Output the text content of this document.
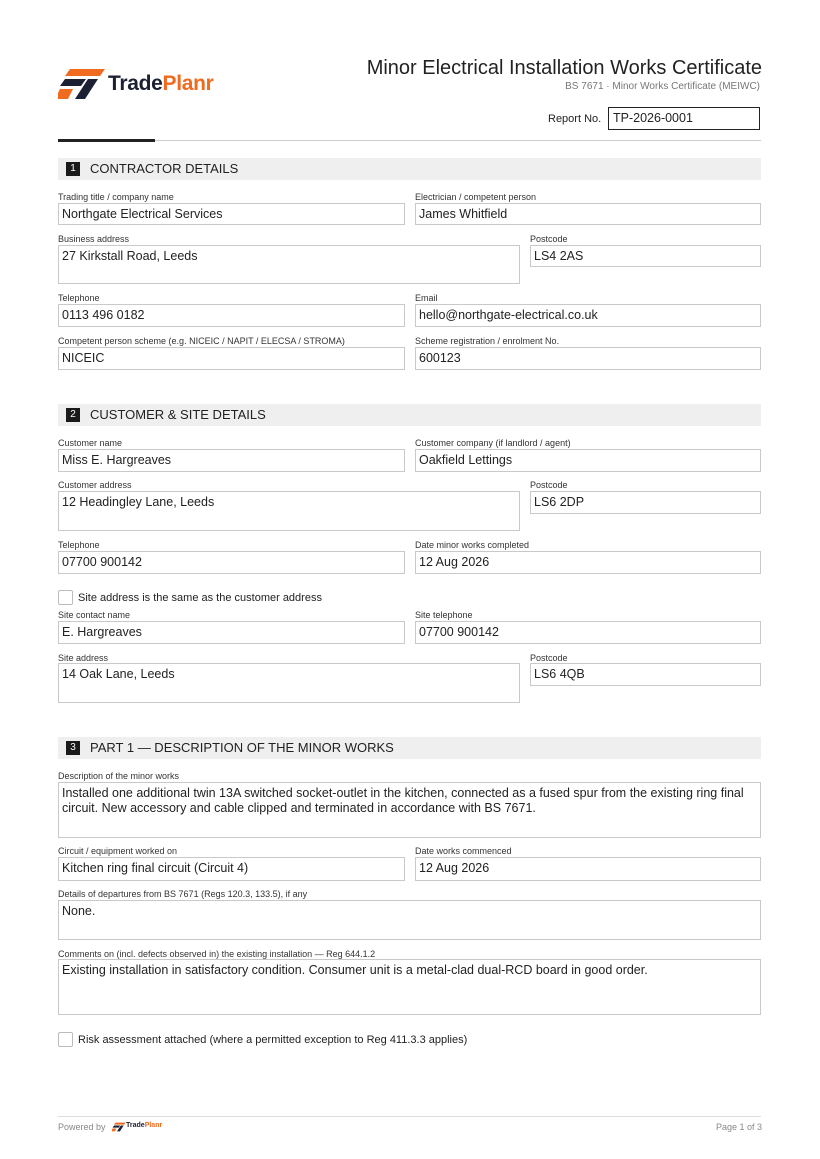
TradePlanr
Minor Electrical Installation Works Certificate
BS 7671 · Minor Works Certificate (MEIWC)
Report No. TP-2026-0001
1	CONTRACTOR DETAILS
Trading title / company name
Northgate Electrical Services
Electrician / competent person
James Whitfield
Business address
27 Kirkstall Road, Leeds
Postcode
LS4 2AS
Telephone
0113 496 0182
Email
hello@northgate-electrical.co.uk
Competent person scheme (e.g. NICEIC / NAPIT / ELECSA / STROMA)
NICEIC
Scheme registration / enrolment No.
600123
2	CUSTOMER & SITE DETAILS
Customer name
Miss E. Hargreaves
Customer company (if landlord / agent)
Oakfield Lettings
Customer address
12 Headingley Lane, Leeds
Postcode
LS6 2DP
Telephone
07700 900142
Date minor works completed
12 Aug 2026
Site address is the same as the customer address
Site contact name
E. Hargreaves
Site telephone
07700 900142
Site address
14 Oak Lane, Leeds
Postcode
LS6 4QB
3	PART 1 — DESCRIPTION OF THE MINOR WORKS
Description of the minor works
Installed one additional twin 13A switched socket-outlet in the kitchen, connected as a fused spur from the existing ring final circuit. New accessory and cable clipped and terminated in accordance with BS 7671.
Circuit / equipment worked on
Kitchen ring final circuit (Circuit 4)
Date works commenced
12 Aug 2026
Details of departures from BS 7671 (Regs 120.3, 133.5), if any
None.
Comments on (incl. defects observed in) the existing installation — Reg 644.1.2
Existing installation in satisfactory condition. Consumer unit is a metal-clad dual-RCD board in good order.
Risk assessment attached (where a permitted exception to Reg 411.3.3 applies)
Powered by	TradePlanr	Page 1 of 3
